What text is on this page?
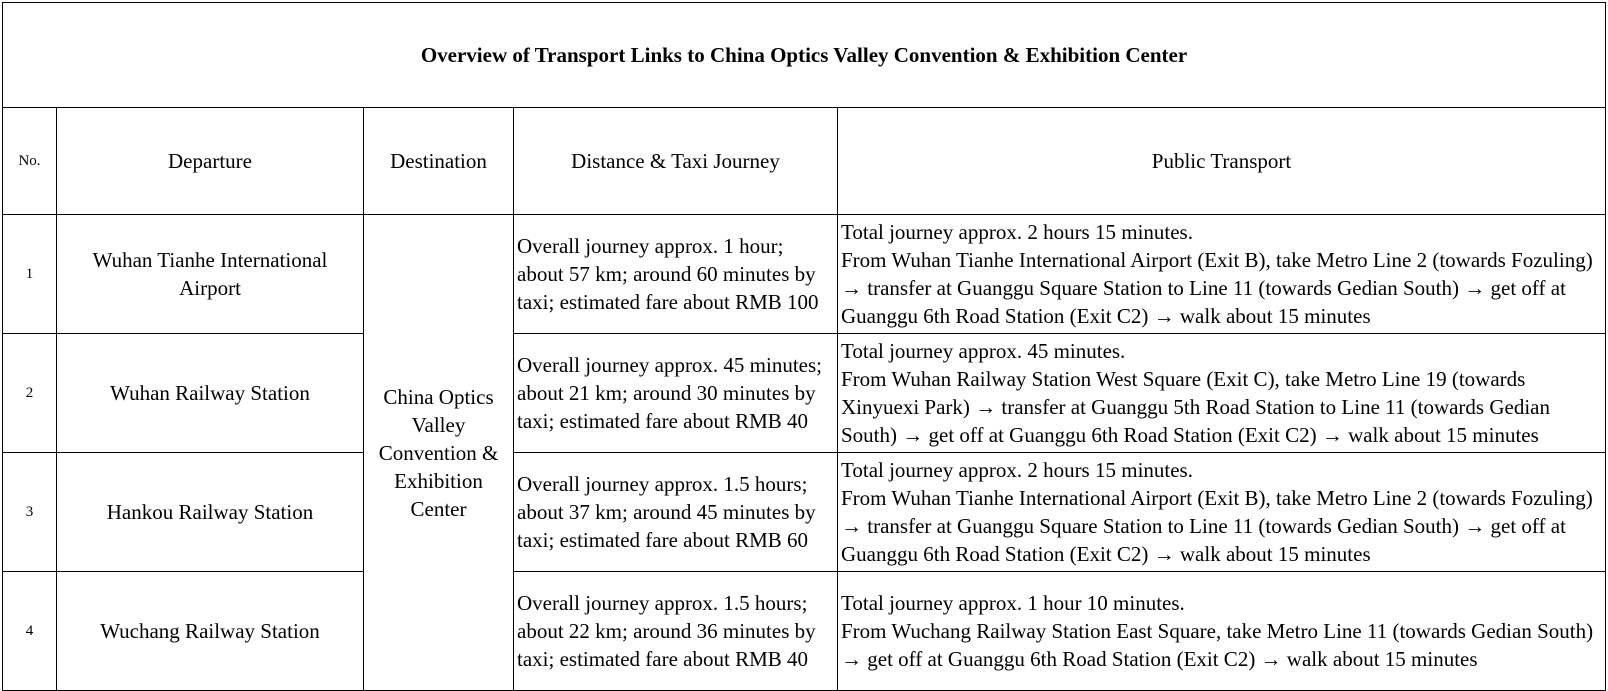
Overview of Transport Links to China Optics Valley Convention & Exhibition Center				
No.	Departure	Destination	Distance & Taxi Journey	Public Transport
1	Wuhan Tianhe International Airport	China Optics Valley Convention & Exhibition Center	Overall journey approx. 1 hour; about 57 km; around 60 minutes by taxi; estimated fare about RMB 100	Total journey approx. 2 hours 15 minutes.
From Wuhan Tianhe International Airport (Exit B), take Metro Line 2 (towards Fozuling) → transfer at Guanggu Square Station to Line 11 (towards Gedian South) → get off at Guanggu 6th Road Station (Exit C2) → walk about 15 minutes

2	Wuhan Railway Station		Overall journey approx. 45 minutes; about 21 km; around 30 minutes by taxi; estimated fare about RMB 40	Total journey approx. 45 minutes.
From Wuhan Railway Station West Square (Exit C), take Metro Line 19 (towards Xinyuexi Park) → transfer at Guanggu 5th Road Station to Line 11 (towards Gedian South) → get off at Guanggu 6th Road Station (Exit C2) → walk about 15 minutes

3	Hankou Railway Station		Overall journey approx. 1.5 hours; about 37 km; around 45 minutes by taxi; estimated fare about RMB 60	Total journey approx. 2 hours 15 minutes.
From Wuhan Tianhe International Airport (Exit B), take Metro Line 2 (towards Fozuling) → transfer at Guanggu Square Station to Line 11 (towards Gedian South) → get off at Guanggu 6th Road Station (Exit C2) → walk about 15 minutes

4	Wuchang Railway Station		Overall journey approx. 1.5 hours; about 22 km; around 36 minutes by taxi; estimated fare about RMB 40	Total journey approx. 1 hour 10 minutes.
From Wuchang Railway Station East Square, take Metro Line 11 (towards Gedian South) → get off at Guanggu 6th Road Station (Exit C2) → walk about 15 minutes
